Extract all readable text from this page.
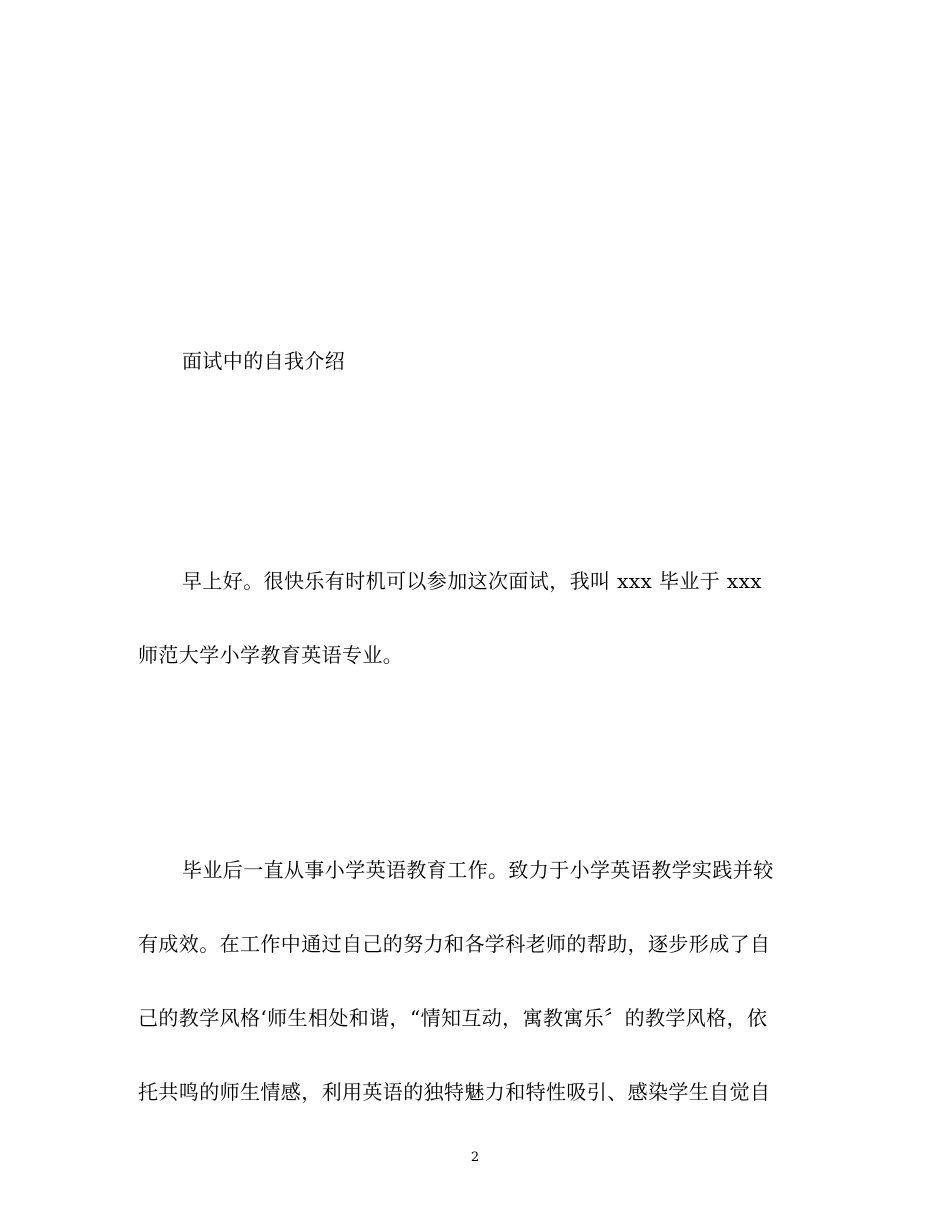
面试中的自我介绍
早上好。很快乐有时机可以参加这次面试，我叫 xxx 毕业于 xxx
师范大学小学教育英语专业。
毕业后一直从事小学英语教育工作。致力于小学英语教学实践并较
有成效。在工作中通过自己的努力和各学科老师的帮助，逐步形成了自
己的教学风格‘师生相处和谐，“情知互动，寓教寓乐〞的教学风格，依
托共鸣的师生情感，利用英语的独特魅力和特性吸引、感染学生自觉自
2
